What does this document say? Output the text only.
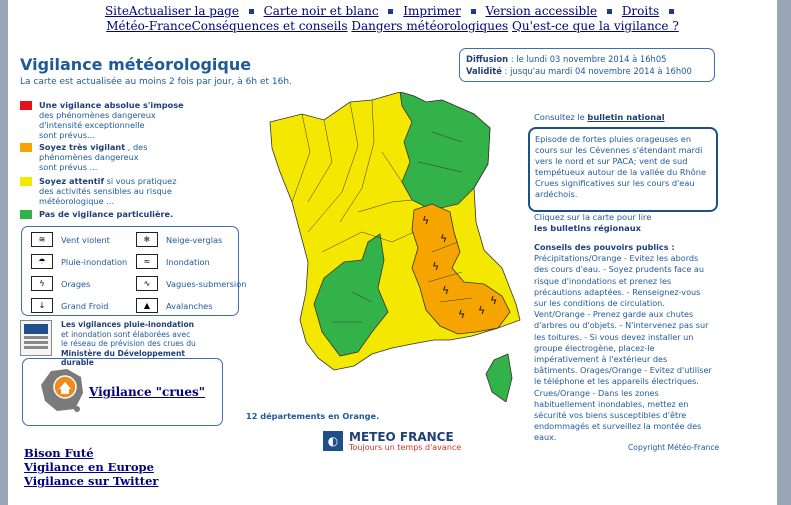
SiteActualiser la page Carte noir et blanc Imprimer Version accessible Droits
Météo-FranceConséquences et conseils Dangers météorologiques Qu'est-ce que la vigilance ?
Vigilance météorologique
La carte est actualisée au moins 2 fois par jour, à 6h et 16h.
Une vigilance absolue s'impose
des phénomènes dangereux
d'intensité exceptionnelle
sont prévus...
Soyez très vigilant , des
phénomènes dangereux
sont prévus ...
Soyez attentif si vous pratiquez
des activités sensibles au risque
météorologique ...
Pas de vigilance particulière.
≋	Vent violent	❄	Neige-verglas
☂	Pluie-inondation	≈	Inondation
ϟ	Orages	∿	Vagues-submersion
↓	Grand Froid	▲	Avalanches
Les vigilances pluie-inondation
et inondation sont élaborées avec
le réseau de prévision des crues du
Ministère du Développement durable
Vigilance "crues"
Bison Futé
Vigilance en Europe
Vigilance sur Twitter
Diffusion : le lundi 03 novembre 2014 à 16h05
Validité : jusqu'au mardi 04 novembre 2014 à 16h00
ϟ
ϟ
ϟ
ϟ
ϟ ϟ
ϟ
12 départements en Orange.
Consultez le bulletin national
Episode de fortes pluies orageuses en cours sur les Cévennes s'étendant mardi vers le nord et sur PACA; vent de sud tempétueux autour de la vallée du Rhône Crues significatives sur les cours d'eau ardéchois.
Cliquez sur la carte pour lire
les bulletins régionaux
Conseils des pouvoirs publics :
Précipitations/Orange - Evitez les abords des cours d'eau. - Soyez prudents face au risque d'inondations et prenez les précautions adaptées. - Renseignez-vous sur les conditions de circulation. Vent/Orange - Prenez garde aux chutes d'arbres ou d'objets. - N'intervenez pas sur les toitures. - Si vous devez installer un groupe électrogène, placez-le impérativement à l'extérieur des bâtiments. Orages/Orange - Evitez d'utiliser le téléphone et les appareils électriques. Crues/Orange - Dans les zones habituellement inondables, mettez en sécurité vos biens susceptibles d'être endommagés et surveillez la montée des eaux.
◐ METEO FRANCE
Toujours un temps d'avance	Copyright Météo-France
